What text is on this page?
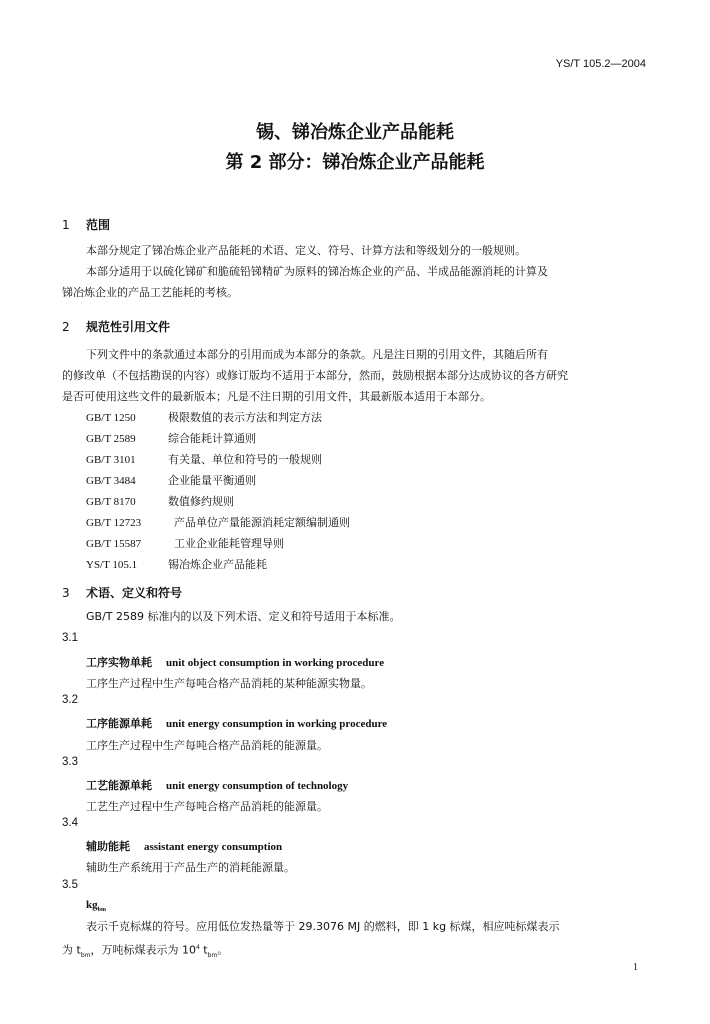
YS/T 105.2—2004
锡、锑冶炼企业产品能耗
第 2 部分：锑冶炼企业产品能耗
1 范围
本部分规定了锑冶炼企业产品能耗的术语、定义、符号、计算方法和等级划分的一般规则。
本部分适用于以硫化锑矿和脆硫铅锑精矿为原料的锑冶炼企业的产品、半成品能源消耗的计算及
锑冶炼企业的产品工艺能耗的考核。
2 规范性引用文件
下列文件中的条款通过本部分的引用而成为本部分的条款。凡是注日期的引用文件，其随后所有
的修改单（不包括勘误的内容）或修订版均不适用于本部分，然而，鼓励根据本部分达成协议的各方研究
是否可使用这些文件的最新版本；凡是不注日期的引用文件，其最新版本适用于本部分。
GB/T 1250	极限数值的表示方法和判定方法
GB/T 2589	综合能耗计算通则
GB/T 3101	有关量、单位和符号的一般规则
GB/T 3484	企业能量平衡通则
GB/T 8170	数值修约规则
GB/T 12723	产品单位产量能源消耗定额编制通则
GB/T 15587	工业企业能耗管理导则
YS/T 105.1	锡冶炼企业产品能耗
3 术语、定义和符号
GB/T 2589 标准内的以及下列术语、定义和符号适用于本标准。
3.1
工序实物单耗 unit object consumption in working procedure
工序生产过程中生产每吨合格产品消耗的某种能源实物量。
3.2
工序能源单耗 unit energy consumption in working procedure
工序生产过程中生产每吨合格产品消耗的能源量。
3.3
工艺能源单耗 unit energy consumption of technology
工艺生产过程中生产每吨合格产品消耗的能源量。
3.4
辅助能耗 assistant energy consumption
辅助生产系统用于产品生产的消耗能源量。
3.5
$kg_{bm}$
表示千克标煤的符号。应用低位发热量等于 29.3076 MJ 的燃料，即 1 kg 标煤，相应吨标煤表示
为 $t_{bm}$，万吨标煤表示为 $10^4$ $t_{bm}$。
1
